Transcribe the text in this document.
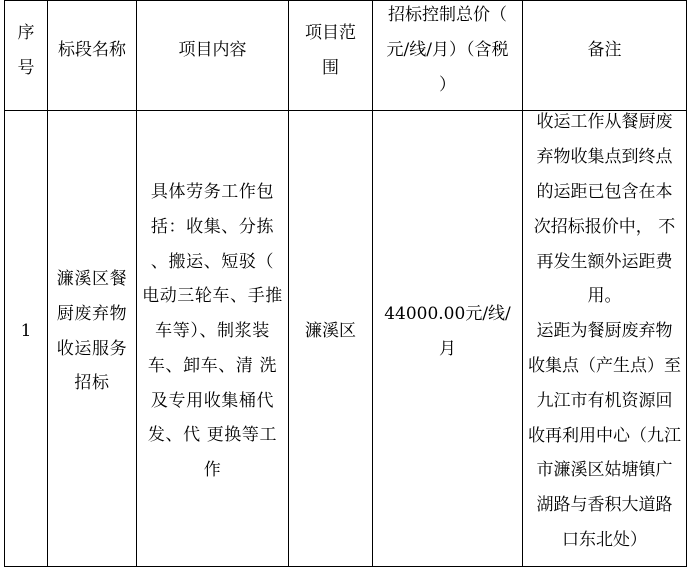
序
号
标段名称	项目内容
项目范
围
招标控制总价（
元/线/月）（含税
）
备注
1
濂溪区餐
厨废弃物
收运服务
招标
具体劳务工作包
括：收集、分拣
、搬运、短驳（
电动三轮车、手推
车等）、制浆装
车、卸车、清 洗
及专用收集桶代
发、代 更换等工
作
濂溪区
44000.00元/线/
月
收运工作从餐厨废
弃物收集点到终点
的运距已包含在本
次招标报价中， 不
再发生额外运距费
用。
运距为餐厨废弃物
收集点（产生点）至
九江市有机资源回
收再利用中心（九江
市濂溪区姑塘镇广
湖路与香积大道路
口东北处）
